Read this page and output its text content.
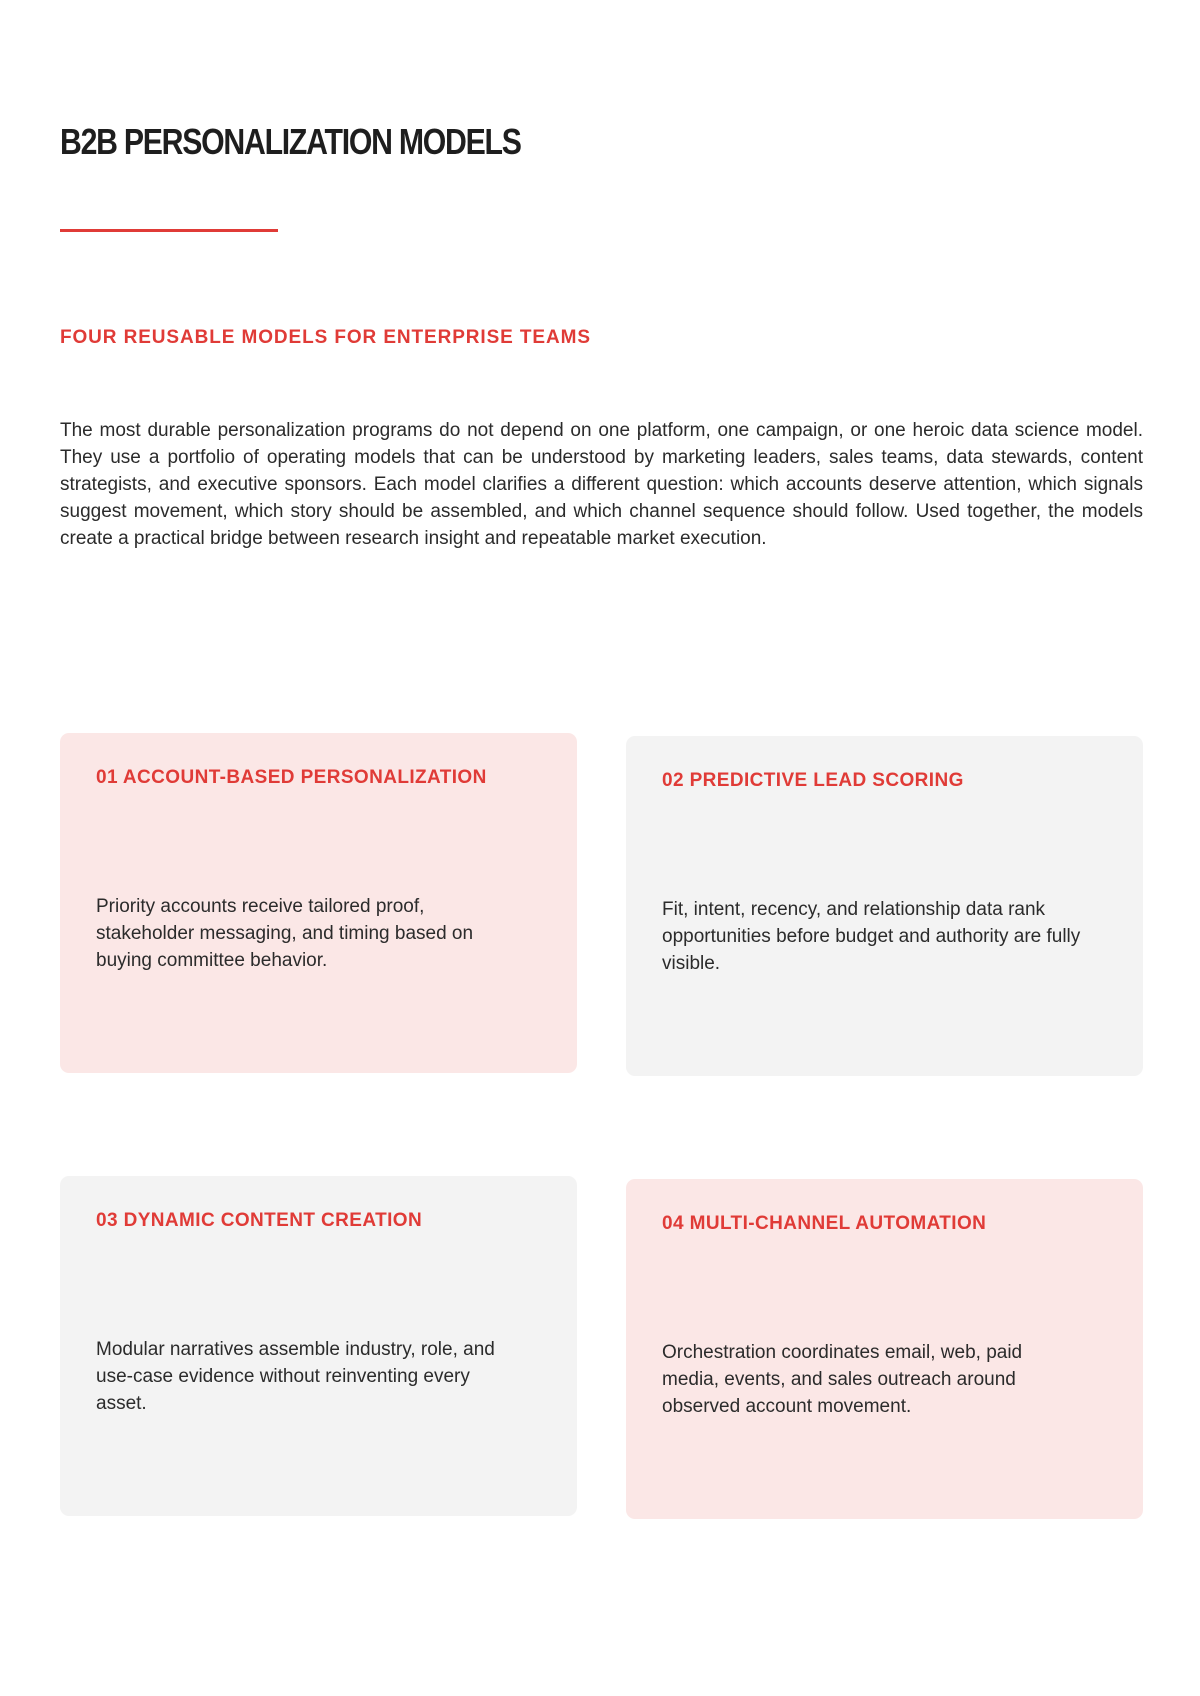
B2B PERSONALIZATION MODELS
FOUR REUSABLE MODELS FOR ENTERPRISE TEAMS

The most durable personalization programs do not depend on one platform, one campaign, or one heroic data science model. They use a portfolio of operating models that can be understood by marketing leaders, sales teams, data stewards, content strategists, and executive sponsors. Each model clarifies a different question: which accounts deserve attention, which signals suggest movement, which story should be assembled, and which channel sequence should follow. Used together, the models create a practical bridge between research insight and repeatable market execution.

01 ACCOUNT-BASED PERSONALIZATION

Priority accounts receive tailored proof, stakeholder messaging, and timing based on buying committee behavior.

02 PREDICTIVE LEAD SCORING

Fit, intent, recency, and relationship data rank opportunities before budget and authority are fully visible.

03 DYNAMIC CONTENT CREATION

Modular narratives assemble industry, role, and use-case evidence without reinventing every asset.

04 MULTI-CHANNEL AUTOMATION

Orchestration coordinates email, web, paid media, events, and sales outreach around observed account movement.
